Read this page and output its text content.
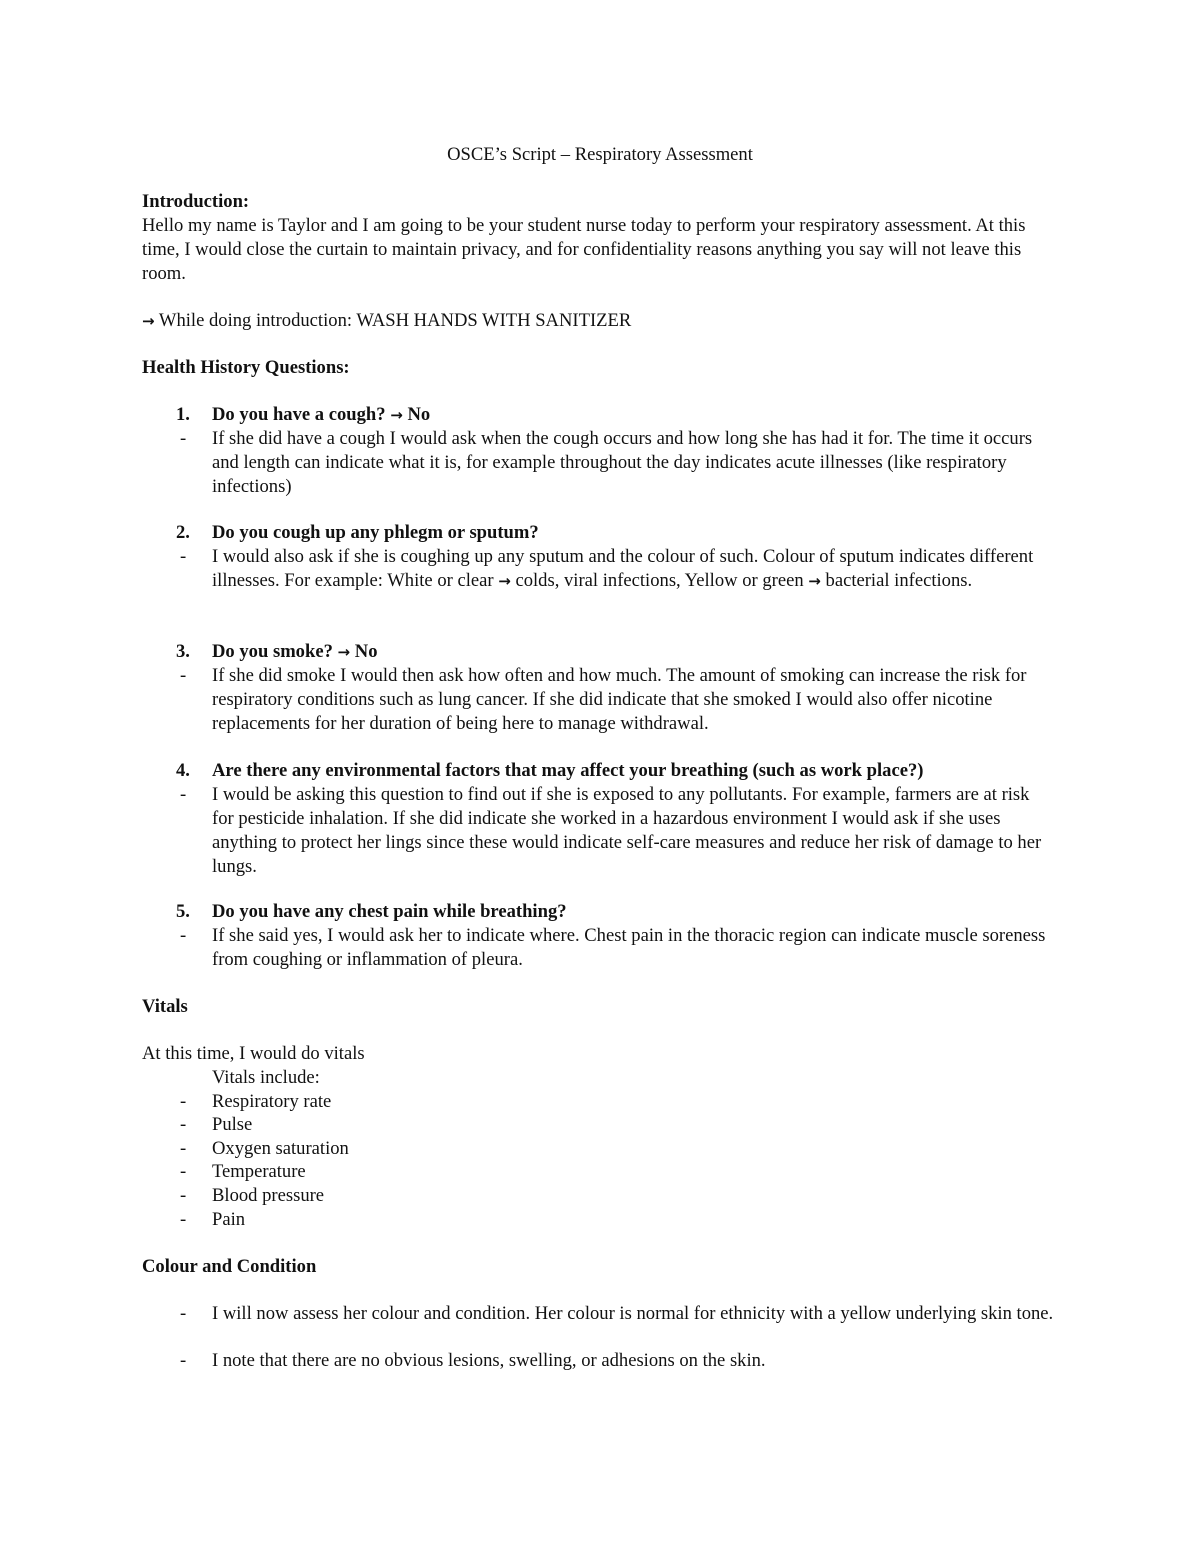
OSCE’s Script – Respiratory Assessment
Introduction:
Hello my name is Taylor and I am going to be your student nurse today to perform your respiratory assessment. At this time, I would close the curtain to maintain privacy, and for confidentiality reasons anything you say will not leave this room.
→ While doing introduction: WASH HANDS WITH SANITIZER
Health History Questions:
1. Do you have a cough? → No
- If she did have a cough I would ask when the cough occurs and how long she has had it for. The time it occurs and length can indicate what it is, for example throughout the day indicates acute illnesses (like respiratory infections)
2. Do you cough up any phlegm or sputum?
- I would also ask if she is coughing up any sputum and the colour of such. Colour of sputum indicates different illnesses. For example: White or clear → colds, viral infections, Yellow or green → bacterial infections.
3. Do you smoke? → No
- If she did smoke I would then ask how often and how much. The amount of smoking can increase the risk for respiratory conditions such as lung cancer. If she did indicate that she smoked I would also offer nicotine replacements for her duration of being here to manage withdrawal.
4. Are there any environmental factors that may affect your breathing (such as work place?)
- I would be asking this question to find out if she is exposed to any pollutants. For example, farmers are at risk for pesticide inhalation. If she did indicate she worked in a hazardous environment I would ask if she uses anything to protect her lings since these would indicate self-care measures and reduce her risk of damage to her lungs.
5. Do you have any chest pain while breathing?
- If she said yes, I would ask her to indicate where. Chest pain in the thoracic region can indicate muscle soreness from coughing or inflammation of pleura.
Vitals
At this time, I would do vitals
Vitals include:
- Respiratory rate
- Pulse
- Oxygen saturation
- Temperature
- Blood pressure
- Pain
Colour and Condition
- I will now assess her colour and condition. Her colour is normal for ethnicity with a yellow underlying skin tone.
- I note that there are no obvious lesions, swelling, or adhesions on the skin.
